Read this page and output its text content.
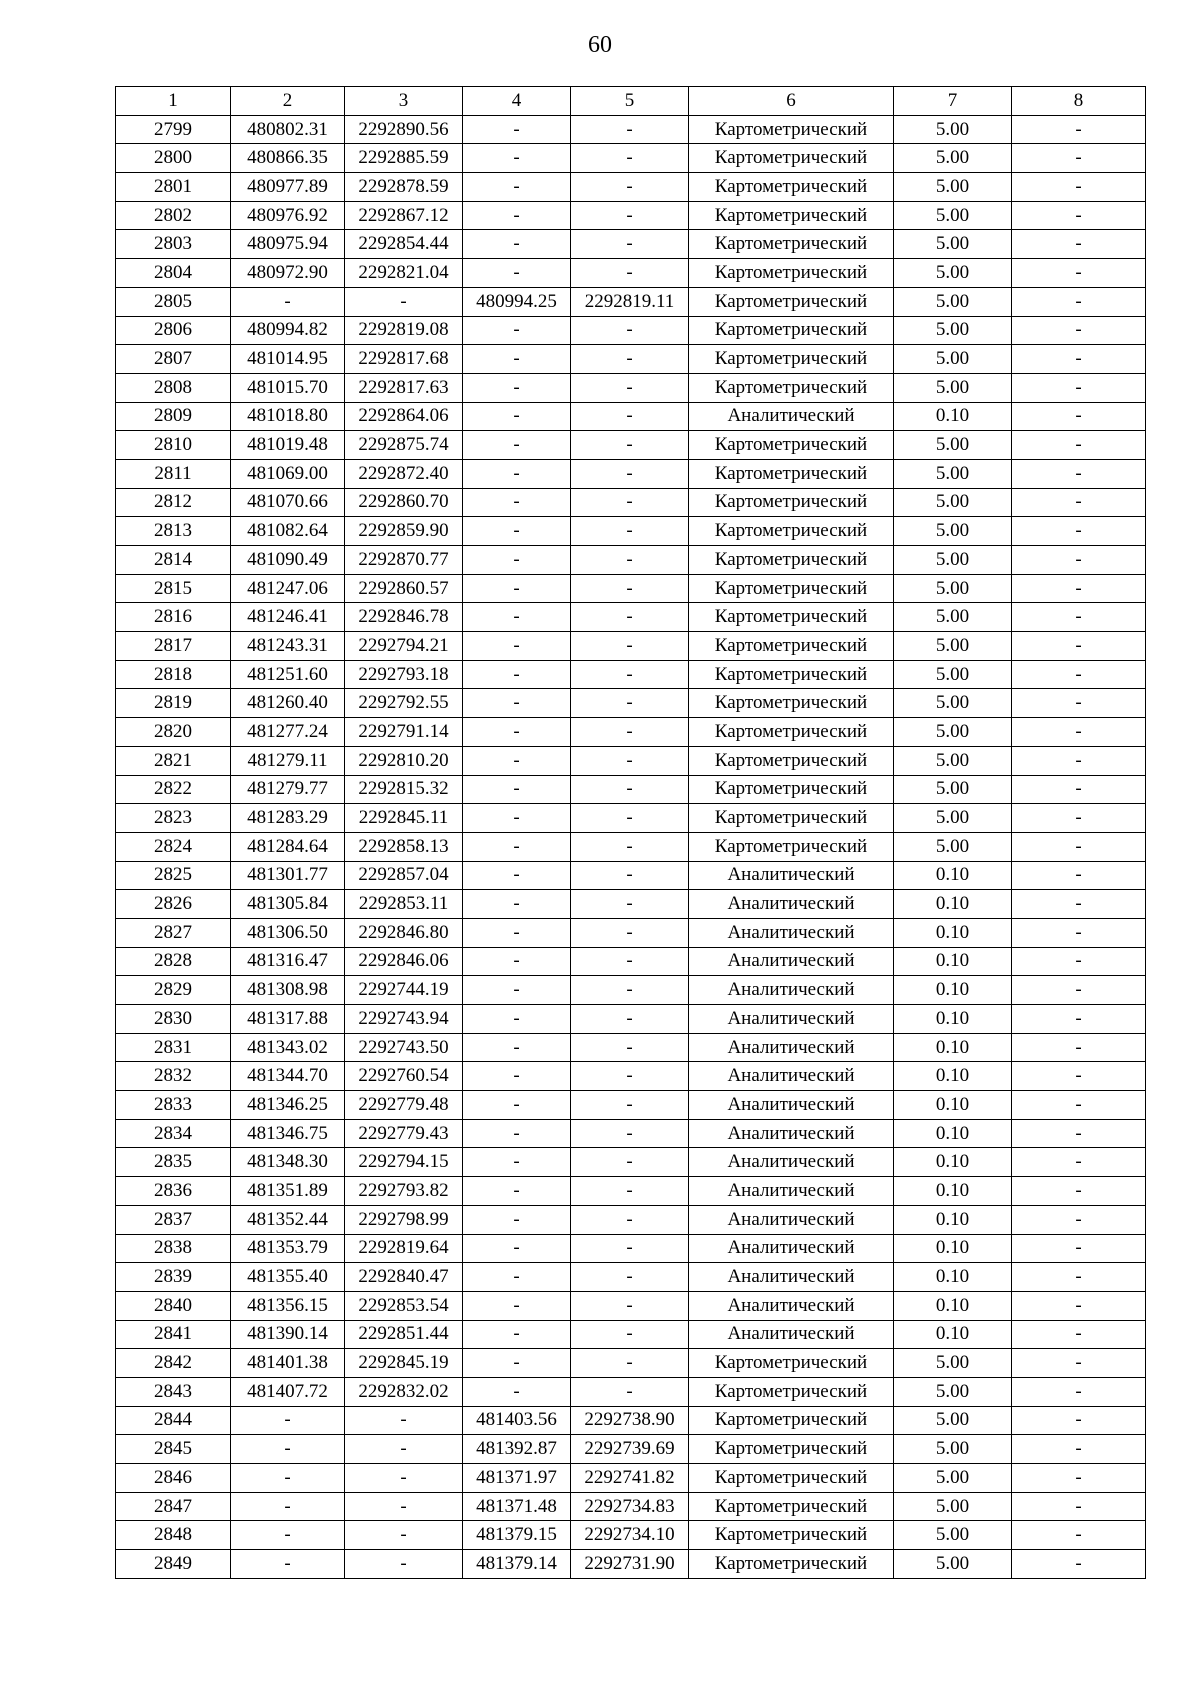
60
1	2	3	4	5	6	7	8
2799	480802.31	2292890.56	-	-	Картометрический	5.00	-
2800	480866.35	2292885.59	-	-	Картометрический	5.00	-
2801	480977.89	2292878.59	-	-	Картометрический	5.00	-
2802	480976.92	2292867.12	-	-	Картометрический	5.00	-
2803	480975.94	2292854.44	-	-	Картометрический	5.00	-
2804	480972.90	2292821.04	-	-	Картометрический	5.00	-
2805	-	-	480994.25	2292819.11	Картометрический	5.00	-
2806	480994.82	2292819.08	-	-	Картометрический	5.00	-
2807	481014.95	2292817.68	-	-	Картометрический	5.00	-
2808	481015.70	2292817.63	-	-	Картометрический	5.00	-
2809	481018.80	2292864.06	-	-	Аналитический	0.10	-
2810	481019.48	2292875.74	-	-	Картометрический	5.00	-
2811	481069.00	2292872.40	-	-	Картометрический	5.00	-
2812	481070.66	2292860.70	-	-	Картометрический	5.00	-
2813	481082.64	2292859.90	-	-	Картометрический	5.00	-
2814	481090.49	2292870.77	-	-	Картометрический	5.00	-
2815	481247.06	2292860.57	-	-	Картометрический	5.00	-
2816	481246.41	2292846.78	-	-	Картометрический	5.00	-
2817	481243.31	2292794.21	-	-	Картометрический	5.00	-
2818	481251.60	2292793.18	-	-	Картометрический	5.00	-
2819	481260.40	2292792.55	-	-	Картометрический	5.00	-
2820	481277.24	2292791.14	-	-	Картометрический	5.00	-
2821	481279.11	2292810.20	-	-	Картометрический	5.00	-
2822	481279.77	2292815.32	-	-	Картометрический	5.00	-
2823	481283.29	2292845.11	-	-	Картометрический	5.00	-
2824	481284.64	2292858.13	-	-	Картометрический	5.00	-
2825	481301.77	2292857.04	-	-	Аналитический	0.10	-
2826	481305.84	2292853.11	-	-	Аналитический	0.10	-
2827	481306.50	2292846.80	-	-	Аналитический	0.10	-
2828	481316.47	2292846.06	-	-	Аналитический	0.10	-
2829	481308.98	2292744.19	-	-	Аналитический	0.10	-
2830	481317.88	2292743.94	-	-	Аналитический	0.10	-
2831	481343.02	2292743.50	-	-	Аналитический	0.10	-
2832	481344.70	2292760.54	-	-	Аналитический	0.10	-
2833	481346.25	2292779.48	-	-	Аналитический	0.10	-
2834	481346.75	2292779.43	-	-	Аналитический	0.10	-
2835	481348.30	2292794.15	-	-	Аналитический	0.10	-
2836	481351.89	2292793.82	-	-	Аналитический	0.10	-
2837	481352.44	2292798.99	-	-	Аналитический	0.10	-
2838	481353.79	2292819.64	-	-	Аналитический	0.10	-
2839	481355.40	2292840.47	-	-	Аналитический	0.10	-
2840	481356.15	2292853.54	-	-	Аналитический	0.10	-
2841	481390.14	2292851.44	-	-	Аналитический	0.10	-
2842	481401.38	2292845.19	-	-	Картометрический	5.00	-
2843	481407.72	2292832.02	-	-	Картометрический	5.00	-
2844	-	-	481403.56	2292738.90	Картометрический	5.00	-
2845	-	-	481392.87	2292739.69	Картометрический	5.00	-
2846	-	-	481371.97	2292741.82	Картометрический	5.00	-
2847	-	-	481371.48	2292734.83	Картометрический	5.00	-
2848	-	-	481379.15	2292734.10	Картометрический	5.00	-
2849	-	-	481379.14	2292731.90	Картометрический	5.00	-
